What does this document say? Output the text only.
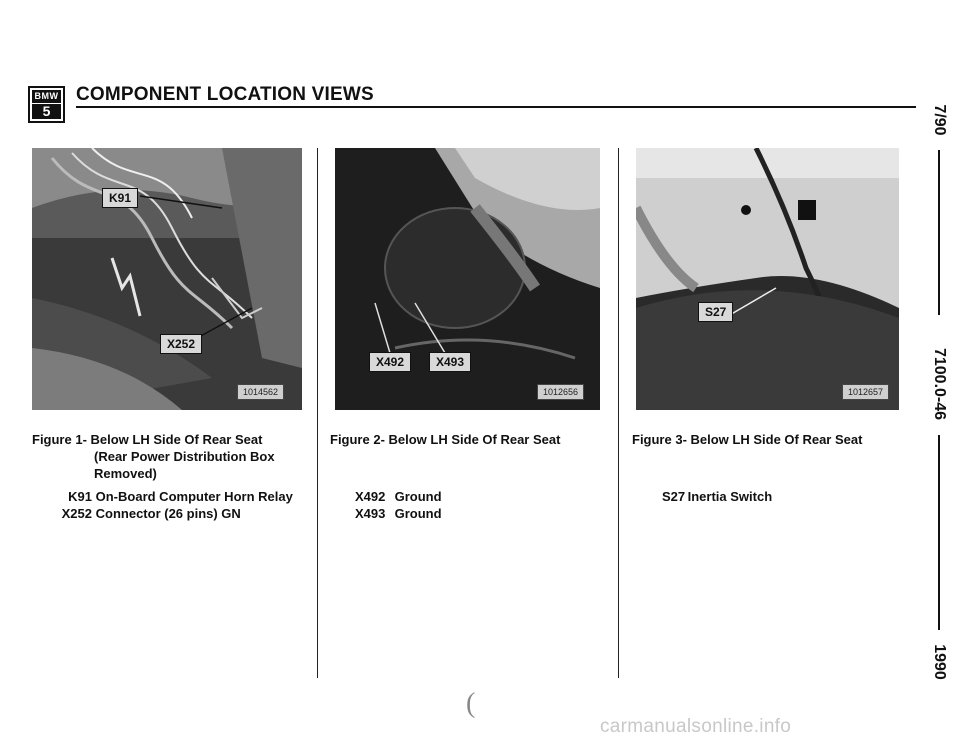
BMW
5
COMPONENT LOCATION VIEWS
K91
X252
1014562
X492	X493
1012656
S27
1012657
Figure 1- Below LH Side Of Rear Seat
(Rear Power Distribution Box
Removed)
K91 On-Board Computer Horn Relay
X252 Connector (26 pins) GN
Figure 2- Below LH Side Of Rear Seat
X492 Ground
X493 Ground
Figure 3- Below LH Side Of Rear Seat
S27 Inertia Switch
7/90
7100.0-46
1990
(
carmanualsonline.info
